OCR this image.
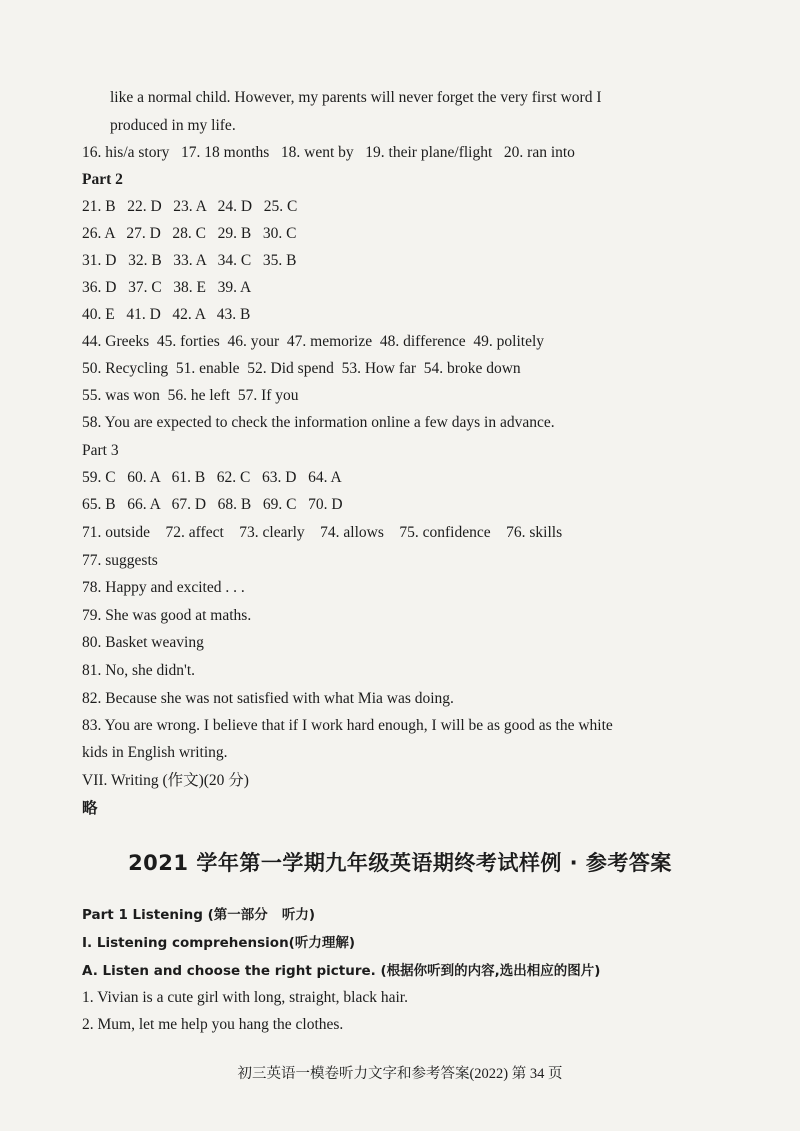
like a normal child. However, my parents will never forget the very first word I
produced in my life.
16. his/a story   17. 18 months   18. went by   19. their plane/flight   20. ran into
Part 2
21. B   22. D   23. A   24. D   25. C
26. A   27. D   28. C   29. B   30. C
31. D   32. B   33. A   34. C   35. B
36. D   37. C   38. E   39. A
40. E   41. D   42. A   43. B
44. Greeks  45. forties  46. your  47. memorize  48. difference  49. politely
50. Recycling  51. enable  52. Did spend  53. How far  54. broke down
55. was won  56. he left  57. If you
58. You are expected to check the information online a few days in advance.
Part 3
59. C   60. A   61. B   62. C   63. D   64. A
65. B   66. A   67. D   68. B   69. C   70. D
71. outside    72. affect    73. clearly    74. allows    75. confidence    76. skills
77. suggests
78. Happy and excited . . .
79. She was good at maths.
80. Basket weaving
81. No, she didn't.
82. Because she was not satisfied with what Mia was doing.
83. You are wrong. I believe that if I work hard enough, I will be as good as the white
kids in English writing.
VII. Writing (作文)(20 分)
略
2021 学年第一学期九年级英语期终考试样例 · 参考答案
Part 1 Listening (第一部分   听力)
I. Listening comprehension(听力理解)
A. Listen and choose the right picture. (根据你听到的内容,选出相应的图片)
1. Vivian is a cute girl with long, straight, black hair.
2. Mum, let me help you hang the clothes.
初三英语一模卷听力文字和参考答案(2022) 第 34 页
